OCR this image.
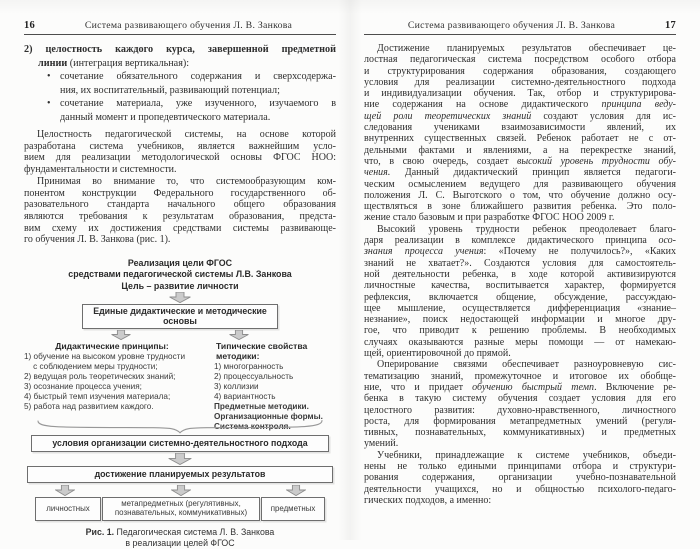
16	Система развивающего обучения Л. В. Занкова
2) целостность каждого курса, завершенной предметной
линии (интеграция вертикальная):
• сочетание обязательного содержания и сверхсодержа-
ния, их воспитательный, развивающий потенциал;
• сочетание материала, уже изученного, изучаемого в
данный момент и пропедевтического материала.
Целостность педагогической системы, на основе которой
разработана система учебников, является важнейшим усло-
вием для реализации методологической основы ФГОС НОО:
фундаментальности и системности.
Принимая во внимание то, что системообразующим ком-
понентом конструкции Федерального государственного об-
разовательного стандарта начального общего образования
являются требования к результатам образования, предста-
вим схему их достижения средствами системы развивающе-
го обучения Л. В. Занкова (рис. 1).
Реализация цели ФГОС
средствами педагогической системы Л.В. Занкова
Цель – развитие личности
Единые дидактические и методические
основы
Дидактические принципы:
1) обучение на высоком уровне трудности
с соблюдением меры трудности;
2) ведущая роль теоретических знаний;
3) осознание процесса учения;
4) быстрый темп изучения материала;
5) работа над развитием каждого.
Типические свойства методики:
1) многогранность
2) процессуальность
3) коллизии
4) вариантность
Предметные методики.
Организационные формы.
Система контроля.
условия организации системно-деятельностного подхода
достижение планируемых результатов
личностных	метапредметных (регулятивных,
познавательных, коммуникативных)	предметных
Рис. 1. Педагогическая система Л. В. Занкова
в реализации целей ФГОС
Система развивающего обучения Л. В. Занкова	17
Достижение планируемых результатов обеспечивает це-
лостная педагогическая система посредством особого отбора
и структурирования содержания образования, создающего
условия для реализации системно-деятельностного подхода
и индивидуализации обучения. Так, отбор и структурирова-
ние содержания на основе дидактического принципа веду-
щей роли теоретических знаний создают условия для ис-
следования учениками взаимозависимости явлений, их
внутренних существенных связей. Ребенок работает не с от-
дельными фактами и явлениями, а на перекрестке знаний,
что, в свою очередь, создает высокий уровень трудности обу-
чения. Данный дидактический принцип является педагоги-
ческим осмыслением ведущего для развивающего обучения
положения Л. С. Выготского о том, что обучение должно осу-
ществляться в зоне ближайшего развития ребенка. Это поло-
жение стало базовым и при разработке ФГОС НОО 2009 г.
Высокий уровень трудности ребенок преодолевает благо-
даря реализации в комплексе дидактического принципа осо-
знания процесса учения: «Почему не получилось?», «Каких
знаний не хватает?». Создаются условия для самостоятель-
ной деятельности ребенка, в ходе которой активизируются
личностные качества, воспитывается характер, формируется
рефлексия, включается общение, обсуждение, рассуждаю-
щее мышление, осуществляется дифференциация «знание–
незнание», поиск недостающей информации и многое дру-
гое, что приводит к решению проблемы. В необходимых
случаях оказываются разные меры помощи — от намекаю-
щей, ориентировочной до прямой.
Оперирование связями обеспечивает разноуровневую сис-
тематизацию знаний, промежуточное и итоговое их обобще-
ние, что и придает обучению быстрый темп. Включение ре-
бенка в такую систему обучения создает условия для его
целостного развития: духовно-нравственного, личностного
роста, для формирования метапредметных умений (регуля-
тивных, познавательных, коммуникативных) и предметных
умений.
Учебники, принадлежащие к системе учебников, объеди-
нены не только едиными принципами отбора и структури-
рования содержания, организации учебно-познавательной
деятельности учащихся, но и общностью психолого-педаго-
гических подходов, а именно:
